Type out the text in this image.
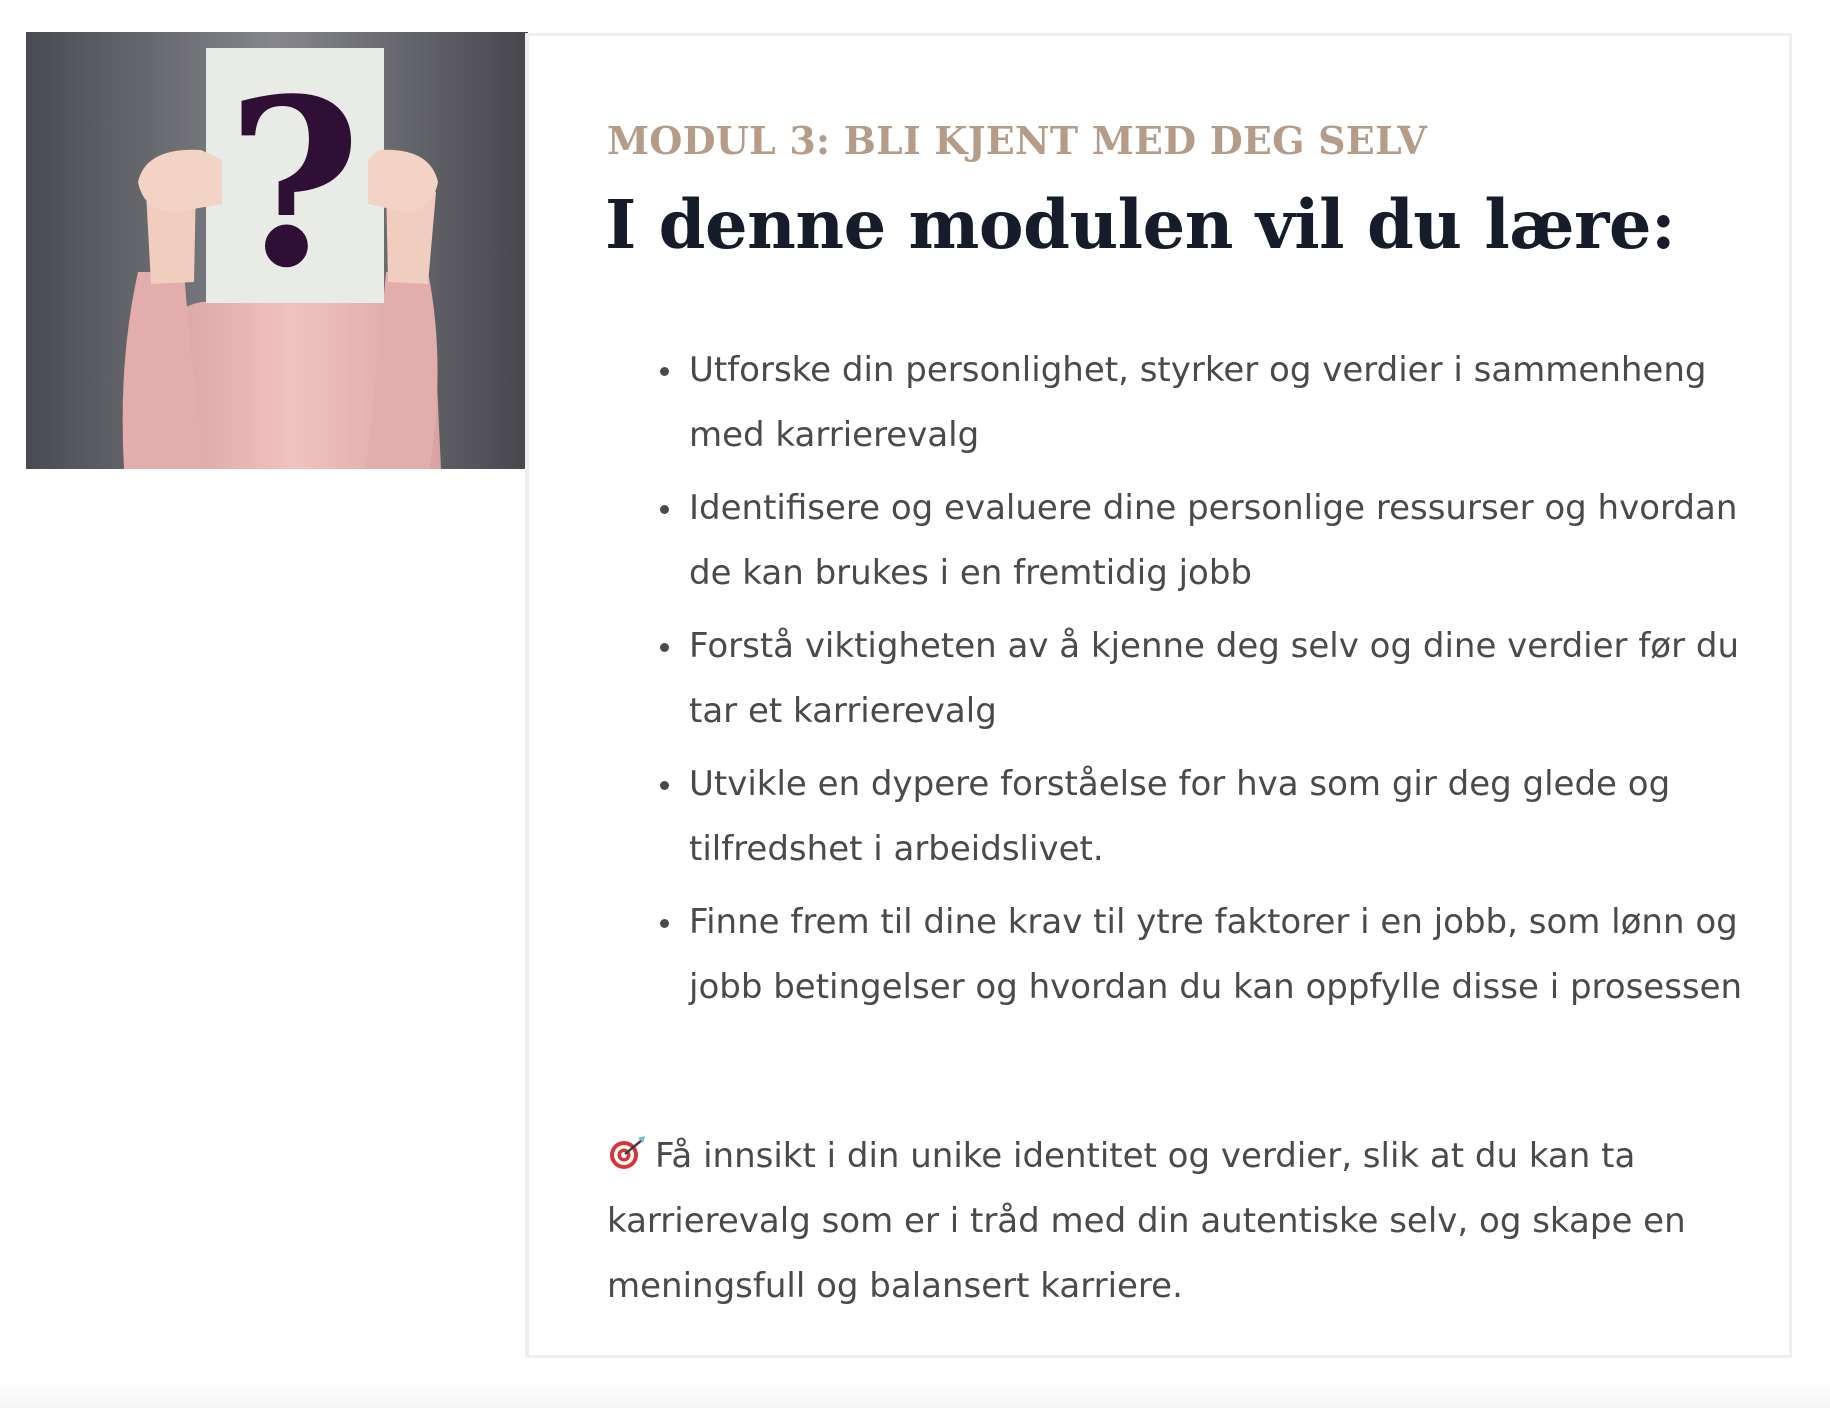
?	MODUL 3: BLI KJENT MED DEG SELV
I denne modulen vil du lære:
Utforske din personlighet, styrker og verdier i sammenheng med karrierevalg
Identifisere og evaluere dine personlige ressurser og hvordan de kan brukes i en fremtidig jobb
Forstå viktigheten av å kjenne deg selv og dine verdier før du tar et karrierevalg
Utvikle en dypere forståelse for hva som gir deg glede og tilfredshet i arbeidslivet.
Finne frem til dine krav til ytre faktorer i en jobb, som lønn og jobb betingelser og hvordan du kan oppfylle disse i prosessen

Få innsikt i din unike identitet og verdier, slik at du kan ta karrierevalg som er i tråd med din autentiske selv, og skape en meningsfull og balansert karriere.
